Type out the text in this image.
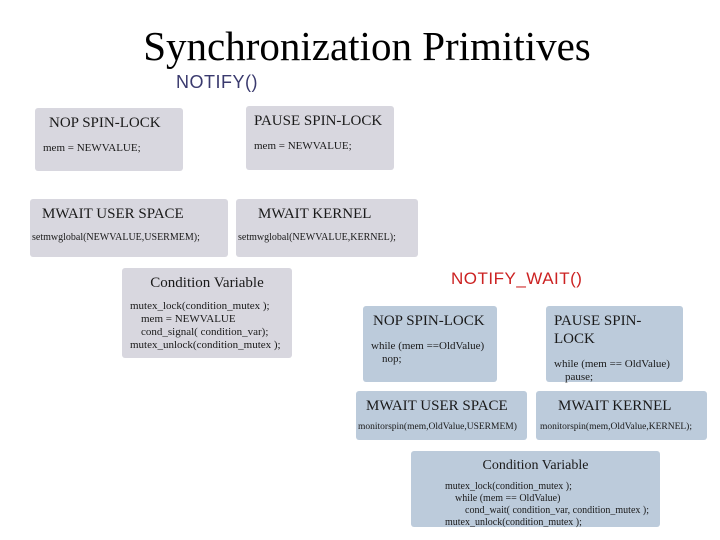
Synchronization Primitives
NOTIFY()
NOP SPIN-LOCK
mem = NEWVALUE;
PAUSE SPIN-LOCK
mem = NEWVALUE;
MWAIT USER SPACE
setmwglobal(NEWVALUE,USERMEM);
MWAIT KERNEL
setmwglobal(NEWVALUE,KERNEL);
Condition Variable
mutex_lock(condition_mutex );
mem = NEWVALUE
cond_signal( condition_var);
mutex_unlock(condition_mutex );
NOTIFY_WAIT()
NOP SPIN-LOCK
while (mem ==OldValue)
nop;
PAUSE SPIN-LOCK
while (mem == OldValue)
pause;
MWAIT USER SPACE
monitorspin(mem,OldValue,USERMEM)
MWAIT KERNEL
monitorspin(mem,OldValue,KERNEL);
Condition Variable
mutex_lock(condition_mutex );
while (mem == OldValue)
cond_wait( condition_var, condition_mutex );
mutex_unlock(condition_mutex );
